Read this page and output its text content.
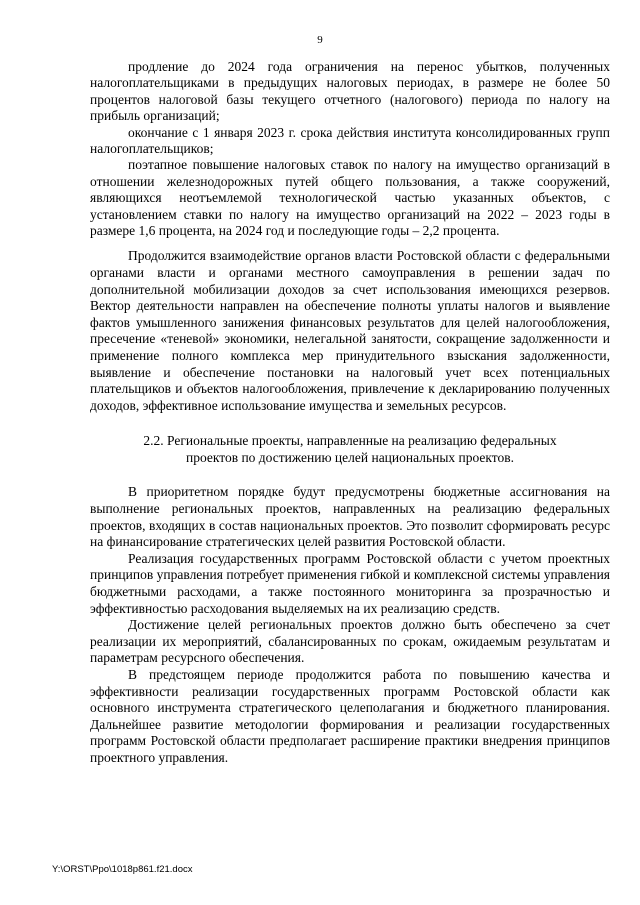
9

продление до 2024 года ограничения на перенос убытков, полученных налогоплательщиками в предыдущих налоговых периодах, в размере не более 50 процентов налоговой базы текущего отчетного (налогового) периода по налогу на прибыль организаций;

окончание с 1 января 2023 г. срока действия института консолидированных групп налогоплательщиков;

поэтапное повышение налоговых ставок по налогу на имущество организаций в отношении железнодорожных путей общего пользования, а также сооружений, являющихся неотъемлемой технологической частью указанных объектов, с установлением ставки по налогу на имущество организаций на 2022 – 2023 годы в размере 1,6 процента, на 2024 год и последующие годы – 2,2 процента.

Продолжится взаимодействие органов власти Ростовской области с федеральными органами власти и органами местного самоуправления в решении задач по дополнительной мобилизации доходов за счет использования имеющихся резервов. Вектор деятельности направлен на обеспечение полноты уплаты налогов и выявление фактов умышленного занижения финансовых результатов для целей налогообложения, пресечение «теневой» экономики, нелегальной занятости, сокращение задолженности и применение полного комплекса мер принудительного взыскания задолженности, выявление и обеспечение постановки на налоговый учет всех потенциальных плательщиков и объектов налогообложения, привлечение к декларированию полученных доходов, эффективное использование имущества и земельных ресурсов.

2.2. Региональные проекты, направленные на реализацию федеральных проектов по достижению целей национальных проектов.

В приоритетном порядке будут предусмотрены бюджетные ассигнования на выполнение региональных проектов, направленных на реализацию федеральных проектов, входящих в состав национальных проектов. Это позволит сформировать ресурс на финансирование стратегических целей развития Ростовской области.

Реализация государственных программ Ростовской области с учетом проектных принципов управления потребует применения гибкой и комплексной системы управления бюджетными расходами, а также постоянного мониторинга за прозрачностью и эффективностью расходования выделяемых на их реализацию средств.

Достижение целей региональных проектов должно быть обеспечено за счет реализации их мероприятий, сбалансированных по срокам, ожидаемым результатам и параметрам ресурсного обеспечения.

В предстоящем периоде продолжится работа по повышению качества и эффективности реализации государственных программ Ростовской области как основного инструмента стратегического целеполагания и бюджетного планирования. Дальнейшее развитие методологии формирования и реализации государственных программ Ростовской области предполагает расширение практики внедрения принципов проектного управления.

Y:\ORST\Ppo\1018p861.f21.docx
